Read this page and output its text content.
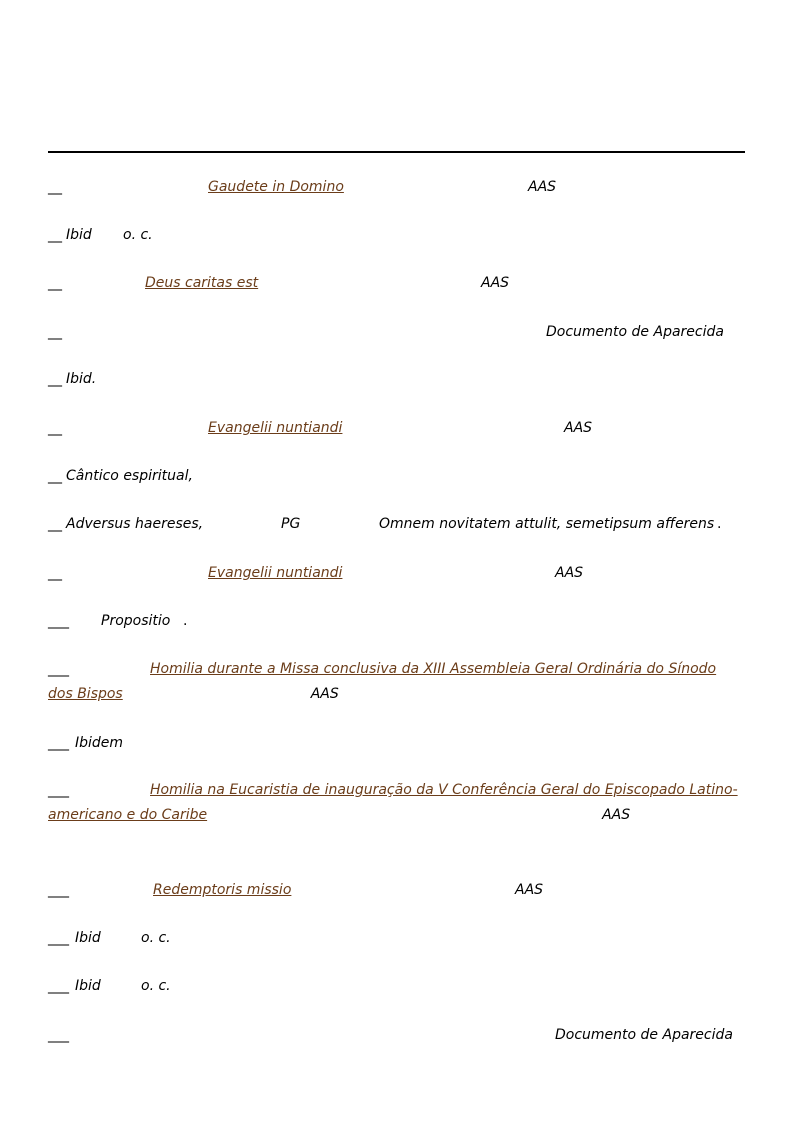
__	Gaudete in Domino	AAS
__ Ibid o. c.
__	Deus caritas est	AAS
__	Documento de Aparecida
__ Ibid.
__	Evangelii nuntiandi	AAS
__ Cântico espiritual,
__ Adversus haereses,	PG	Omnem novitatem attulit, semetipsum afferens .
__	Evangelii nuntiandi	AAS
___ Propositio .
___	Homilia durante a Missa conclusiva da XIII Assembleia Geral Ordinária do Sínodo dos Bispos	AAS
___ Ibidem
___	Homilia na Eucaristia de inauguração da V Conferência Geral do Episcopado Latino-americano e do Caribe	AAS
___	Redemptoris missio	AAS
___ Ibid	o. c.
___ Ibid	o. c.
___	Documento de Aparecida
